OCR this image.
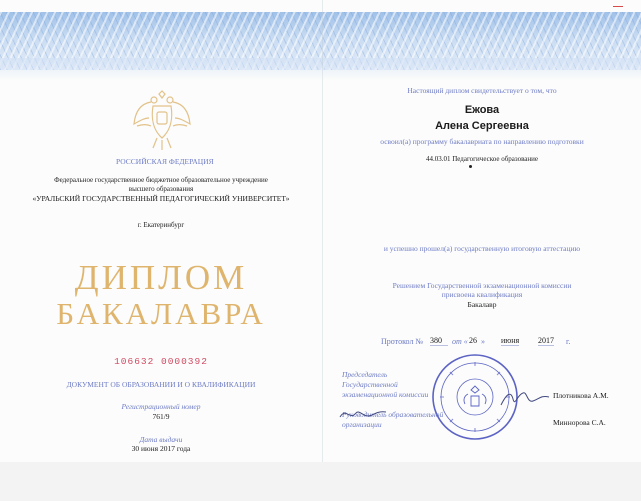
РОССИЙСКАЯ ФЕДЕРАЦИЯ
Федеральное государственное бюджетное образовательное учреждение
высшего образования
«УРАЛЬСКИЙ ГОСУДАРСТВЕННЫЙ ПЕДАГОГИЧЕСКИЙ УНИВЕРСИТЕТ»
г. Екатеринбург
ДИПЛОМ
БАКАЛАВРА
106632 0000392
ДОКУМЕНТ ОБ ОБРАЗОВАНИИ И О КВАЛИФИКАЦИИ
Регистрационный номер
761/9
Дата выдачи
30 июня 2017 года
Настоящий диплом свидетельствует о том, что
Ежова
Алена Сергеевна
освоил(а) программу бакалавриата по направлению подготовки
44.03.01 Педагогическое образование
и успешно прошел(а) государственную итоговую аттестацию
Решением Государственной экзаменационной комиссии
присвоена квалификация
Бакалавр
Протокол № 380	от « 26 » июня 2017 г.
Председатель
Государственной
экзаменационной комиссии	Плотникова А.М.
Руководитель образовательной
организации	Миннорова С.А.
